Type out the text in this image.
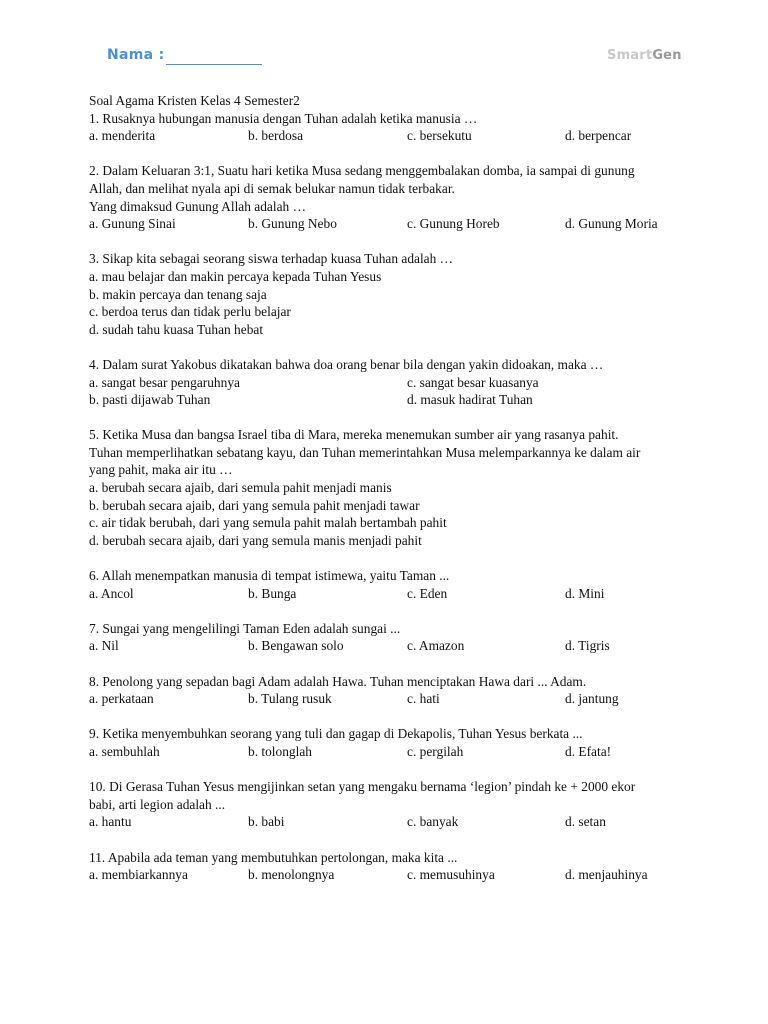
Nama :	SmartGen
Soal Agama Kristen Kelas 4 Semester2
1. Rusaknya hubungan manusia dengan Tuhan adalah ketika manusia …
a. menderita	b. berdosa	c. bersekutu	d. berpencar
2. Dalam Keluaran 3:1, Suatu hari ketika Musa sedang menggembalakan domba, ia sampai di gunung
Allah, dan melihat nyala api di semak belukar namun tidak terbakar.
Yang dimaksud Gunung Allah adalah …
a. Gunung Sinai	b. Gunung Nebo	c. Gunung Horeb	d. Gunung Moria
3. Sikap kita sebagai seorang siswa terhadap kuasa Tuhan adalah …
a. mau belajar dan makin percaya kepada Tuhan Yesus
b. makin percaya dan tenang saja
c. berdoa terus dan tidak perlu belajar
d. sudah tahu kuasa Tuhan hebat
4. Dalam surat Yakobus dikatakan bahwa doa orang benar bila dengan yakin didoakan, maka …
a. sangat besar pengaruhnya	c. sangat besar kuasanya
b. pasti dijawab Tuhan	d. masuk hadirat Tuhan
5. Ketika Musa dan bangsa Israel tiba di Mara, mereka menemukan sumber air yang rasanya pahit.
Tuhan memperlihatkan sebatang kayu, dan Tuhan memerintahkan Musa melemparkannya ke dalam air
yang pahit, maka air itu …
a. berubah secara ajaib, dari semula pahit menjadi manis
b. berubah secara ajaib, dari yang semula pahit menjadi tawar
c. air tidak berubah, dari yang semula pahit malah bertambah pahit
d. berubah secara ajaib, dari yang semula manis menjadi pahit
6. Allah menempatkan manusia di tempat istimewa, yaitu Taman ...
a. Ancol	b. Bunga	c. Eden	d. Mini
7. Sungai yang mengelilingi Taman Eden adalah sungai ...
a. Nil	b. Bengawan solo	c. Amazon	d. Tigris
8. Penolong yang sepadan bagi Adam adalah Hawa. Tuhan menciptakan Hawa dari ... Adam.
a. perkataan	b. Tulang rusuk	c. hati	d. jantung
9. Ketika menyembuhkan seorang yang tuli dan gagap di Dekapolis, Tuhan Yesus berkata ...
a. sembuhlah	b. tolonglah	c. pergilah	d. Efata!
10. Di Gerasa Tuhan Yesus mengijinkan setan yang mengaku bernama ‘legion’ pindah ke + 2000 ekor
babi, arti legion adalah ...
a. hantu	b. babi	c. banyak	d. setan
11. Apabila ada teman yang membutuhkan pertolongan, maka kita ...
a. membiarkannya	b. menolongnya	c. memusuhinya	d. menjauhinya
